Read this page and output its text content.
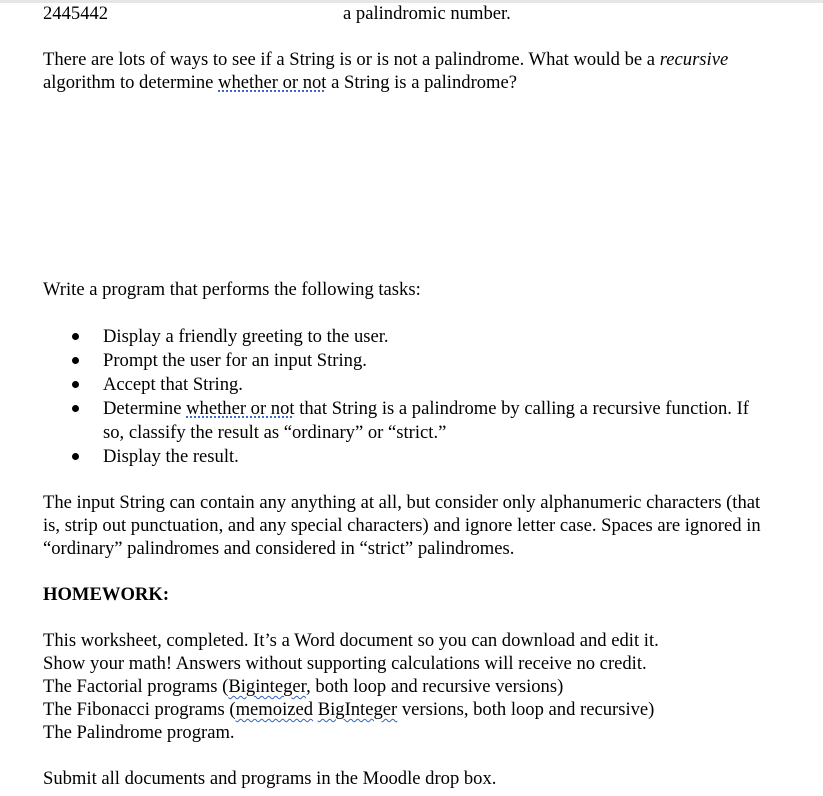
2445442	a palindromic number.
There are lots of ways to see if a String is or is not a palindrome. What would be a recursive
algorithm to determine whether or not a String is a palindrome?
Write a program that performs the following tasks:
Display a friendly greeting to the user.
Prompt the user for an input String.
Accept that String.
Determine whether or not that String is a palindrome by calling a recursive function. If
so, classify the result as “ordinary” or “strict.”
Display the result.
The input String can contain any anything at all, but consider only alphanumeric characters (that
is, strip out punctuation, and any special characters) and ignore letter case. Spaces are ignored in
“ordinary” palindromes and considered in “strict” palindromes.
HOMEWORK:
This worksheet, completed. It’s a Word document so you can download and edit it.
Show your math! Answers without supporting calculations will receive no credit.
The Factorial programs (Biginteger, both loop and recursive versions)
The Fibonacci programs (memoized BigInteger versions, both loop and recursive)
The Palindrome program.
Submit all documents and programs in the Moodle drop box.
